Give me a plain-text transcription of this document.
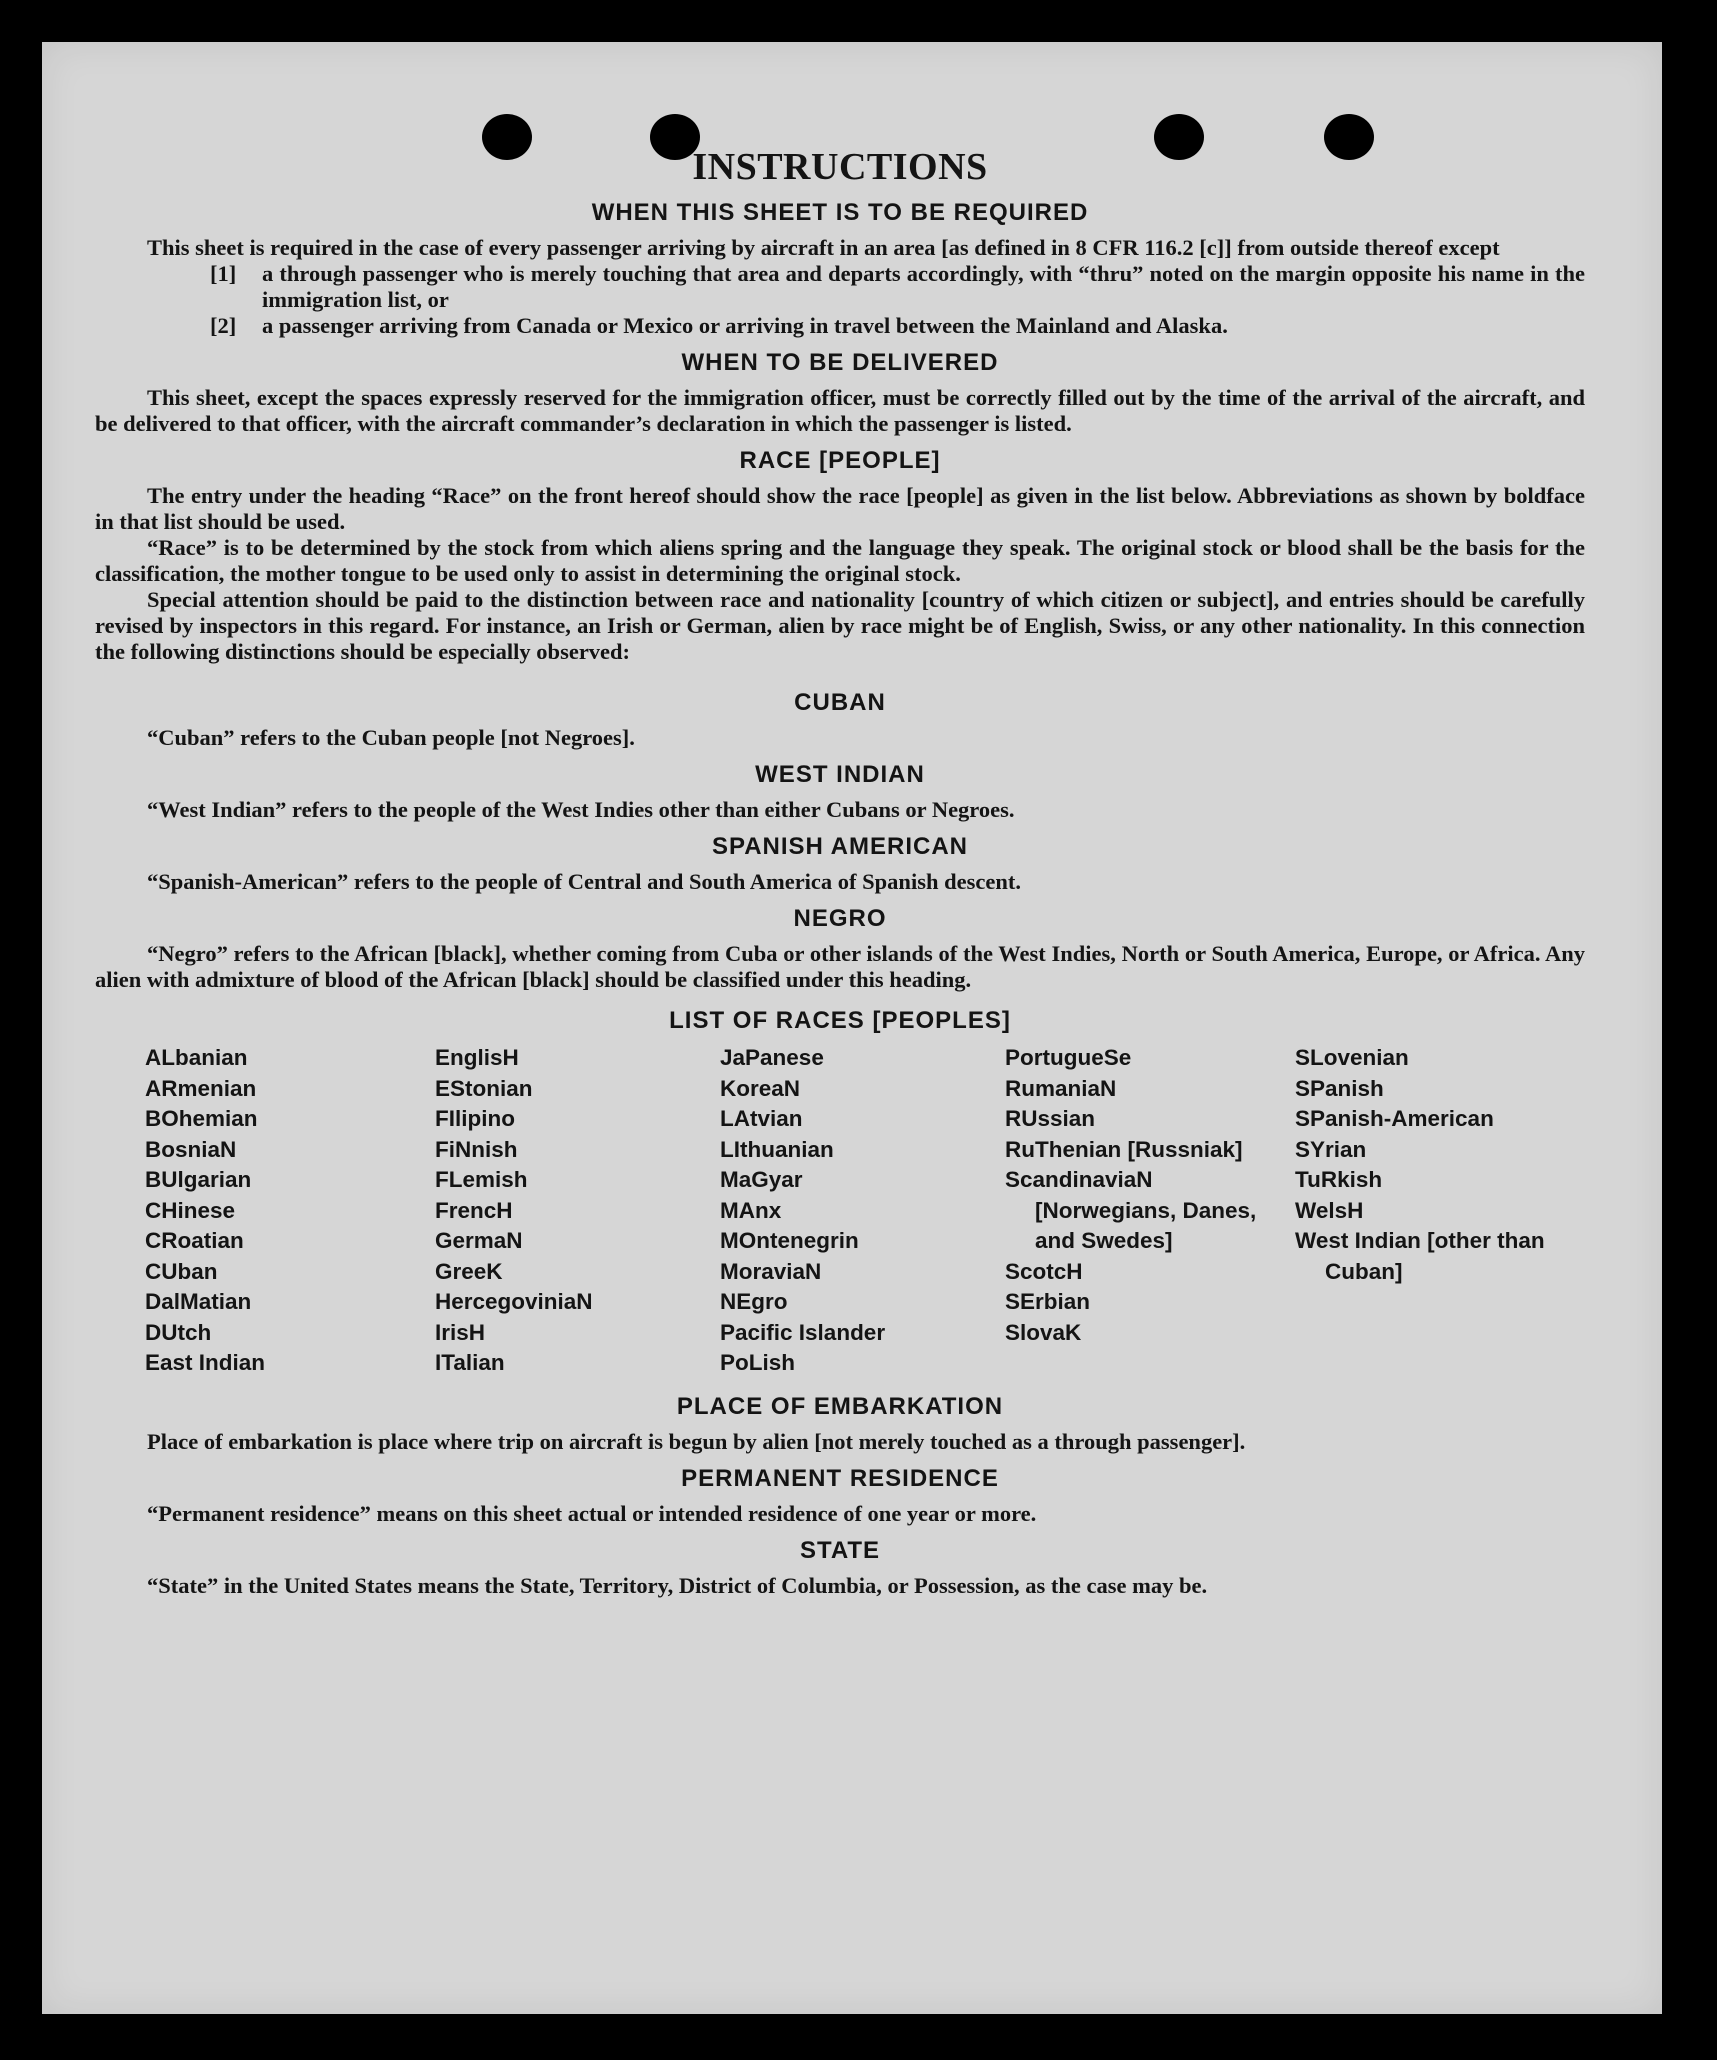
INSTRUCTIONS
WHEN THIS SHEET IS TO BE REQUIRED

This sheet is required in the case of every passenger arriving by aircraft in an area [as defined in 8 CFR 116.2 [c]] from outside thereof except

[1]	a through passenger who is merely touching that area and departs accordingly, with “thru” noted on the margin opposite his name in the immigration list, or
[2]	a passenger arriving from Canada or Mexico or arriving in travel between the Mainland and Alaska.
WHEN TO BE DELIVERED

This sheet, except the spaces expressly reserved for the immigration officer, must be correctly filled out by the time of the arrival of the aircraft, and be delivered to that officer, with the aircraft commander’s declaration in which the passenger is listed.

RACE [PEOPLE]

The entry under the heading “Race” on the front hereof should show the race [people] as given in the list below. Abbreviations as shown by boldface in that list should be used.

“Race” is to be determined by the stock from which aliens spring and the language they speak. The original stock or blood shall be the basis for the classification, the mother tongue to be used only to assist in determining the original stock.

Special attention should be paid to the distinction between race and nationality [country of which citizen or subject], and entries should be carefully revised by inspectors in this regard. For instance, an Irish or German, alien by race might be of English, Swiss, or any other nationality. In this connection the following distinctions should be especially observed:

CUBAN

“Cuban” refers to the Cuban people [not Negroes].

WEST INDIAN

“West Indian” refers to the people of the West Indies other than either Cubans or Negroes.

SPANISH AMERICAN

“Spanish-American” refers to the people of Central and South America of Spanish descent.

NEGRO

“Negro” refers to the African [black], whether coming from Cuba or other islands of the West Indies, North or South America, Europe, or Africa. Any alien with admixture of blood of the African [black] should be classified under this heading.

LIST OF RACES [PEOPLES]
ALbanian
ARmenian
BOhemian
BosniaN
BUlgarian
CHinese
CRoatian
CUban
DalMatian
DUtch
East Indian
EnglisH
EStonian
FIlipino
FiNnish
FLemish
FrencH
GermaN
GreeK
HercegoviniaN
IrisH
ITalian
JaPanese
KoreaN
LAtvian
LIthuanian
MaGyar
MAnx
MOntenegrin
MoraviaN
NEgro
Pacific Islander
PoLish
PortugueSe
RumaniaN
RUssian
RuThenian [Russniak]
ScandinaviaN [Norwegians, Danes, and Swedes]
ScotcH
SErbian
SlovaK
SLovenian
SPanish
SPanish-American
SYrian
TuRkish
WelsH
West Indian [other than Cuban]
PLACE OF EMBARKATION

Place of embarkation is place where trip on aircraft is begun by alien [not merely touched as a through passenger].

PERMANENT RESIDENCE

“Permanent residence” means on this sheet actual or intended residence of one year or more.

STATE

“State” in the United States means the State, Territory, District of Columbia, or Possession, as the case may be.
